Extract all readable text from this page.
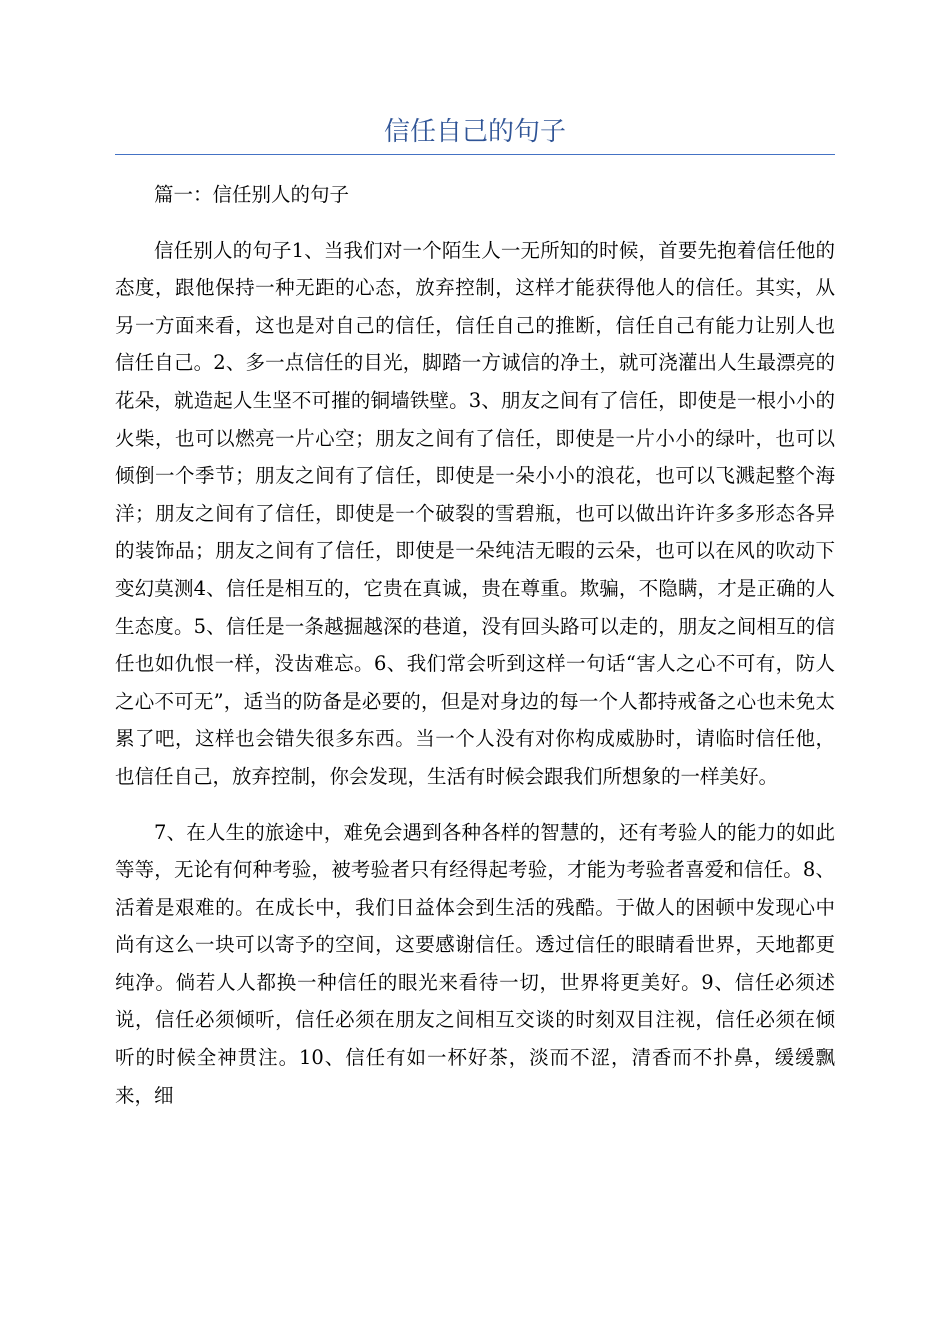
信任自己的句子

篇一：信任别人的句子

信任别人的句子1、当我们对一个陌生人一无所知的时候，首要先抱着信任他的态度，跟他保持一种无距的心态，放弃控制，这样才能获得他人的信任。其实，从另一方面来看，这也是对自己的信任，信任自己的推断，信任自己有能力让别人也信任自己。2、多一点信任的目光，脚踏一方诚信的净土，就可浇灌出人生最漂亮的花朵，就造起人生坚不可摧的铜墙铁壁。3、朋友之间有了信任，即使是一根小小的火柴，也可以燃亮一片心空；朋友之间有了信任，即使是一片小小的绿叶，也可以倾倒一个季节；朋友之间有了信任，即使是一朵小小的浪花，也可以飞溅起整个海洋；朋友之间有了信任，即使是一个破裂的雪碧瓶，也可以做出许许多多形态各异的装饰品；朋友之间有了信任，即使是一朵纯洁无暇的云朵，也可以在风的吹动下变幻莫测4、信任是相互的，它贵在真诚，贵在尊重。欺骗，不隐瞒，才是正确的人生态度。5、信任是一条越掘越深的巷道，没有回头路可以走的，朋友之间相互的信任也如仇恨一样，没齿难忘。6、我们常会听到这样一句话“害人之心不可有，防人之心不可无”，适当的防备是必要的，但是对身边的每一个人都持戒备之心也未免太累了吧，这样也会错失很多东西。当一个人没有对你构成威胁时，请临时信任他，也信任自己，放弃控制，你会发现，生活有时候会跟我们所想象的一样美好。

7、在人生的旅途中，难免会遇到各种各样的智慧的，还有考验人的能力的如此等等，无论有何种考验，被考验者只有经得起考验，才能为考验者喜爱和信任。8、活着是艰难的。在成长中，我们日益体会到生活的残酷。于做人的困顿中发现心中尚有这么一块可以寄予的空间，这要感谢信任。透过信任的眼睛看世界，天地都更纯净。倘若人人都换一种信任的眼光来看待一切，世界将更美好。9、信任必须述说，信任必须倾听，信任必须在朋友之间相互交谈的时刻双目注视，信任必须在倾听的时候全神贯注。10、信任有如一杯好茶，淡而不涩，清香而不扑鼻，缓缓飘来，细
